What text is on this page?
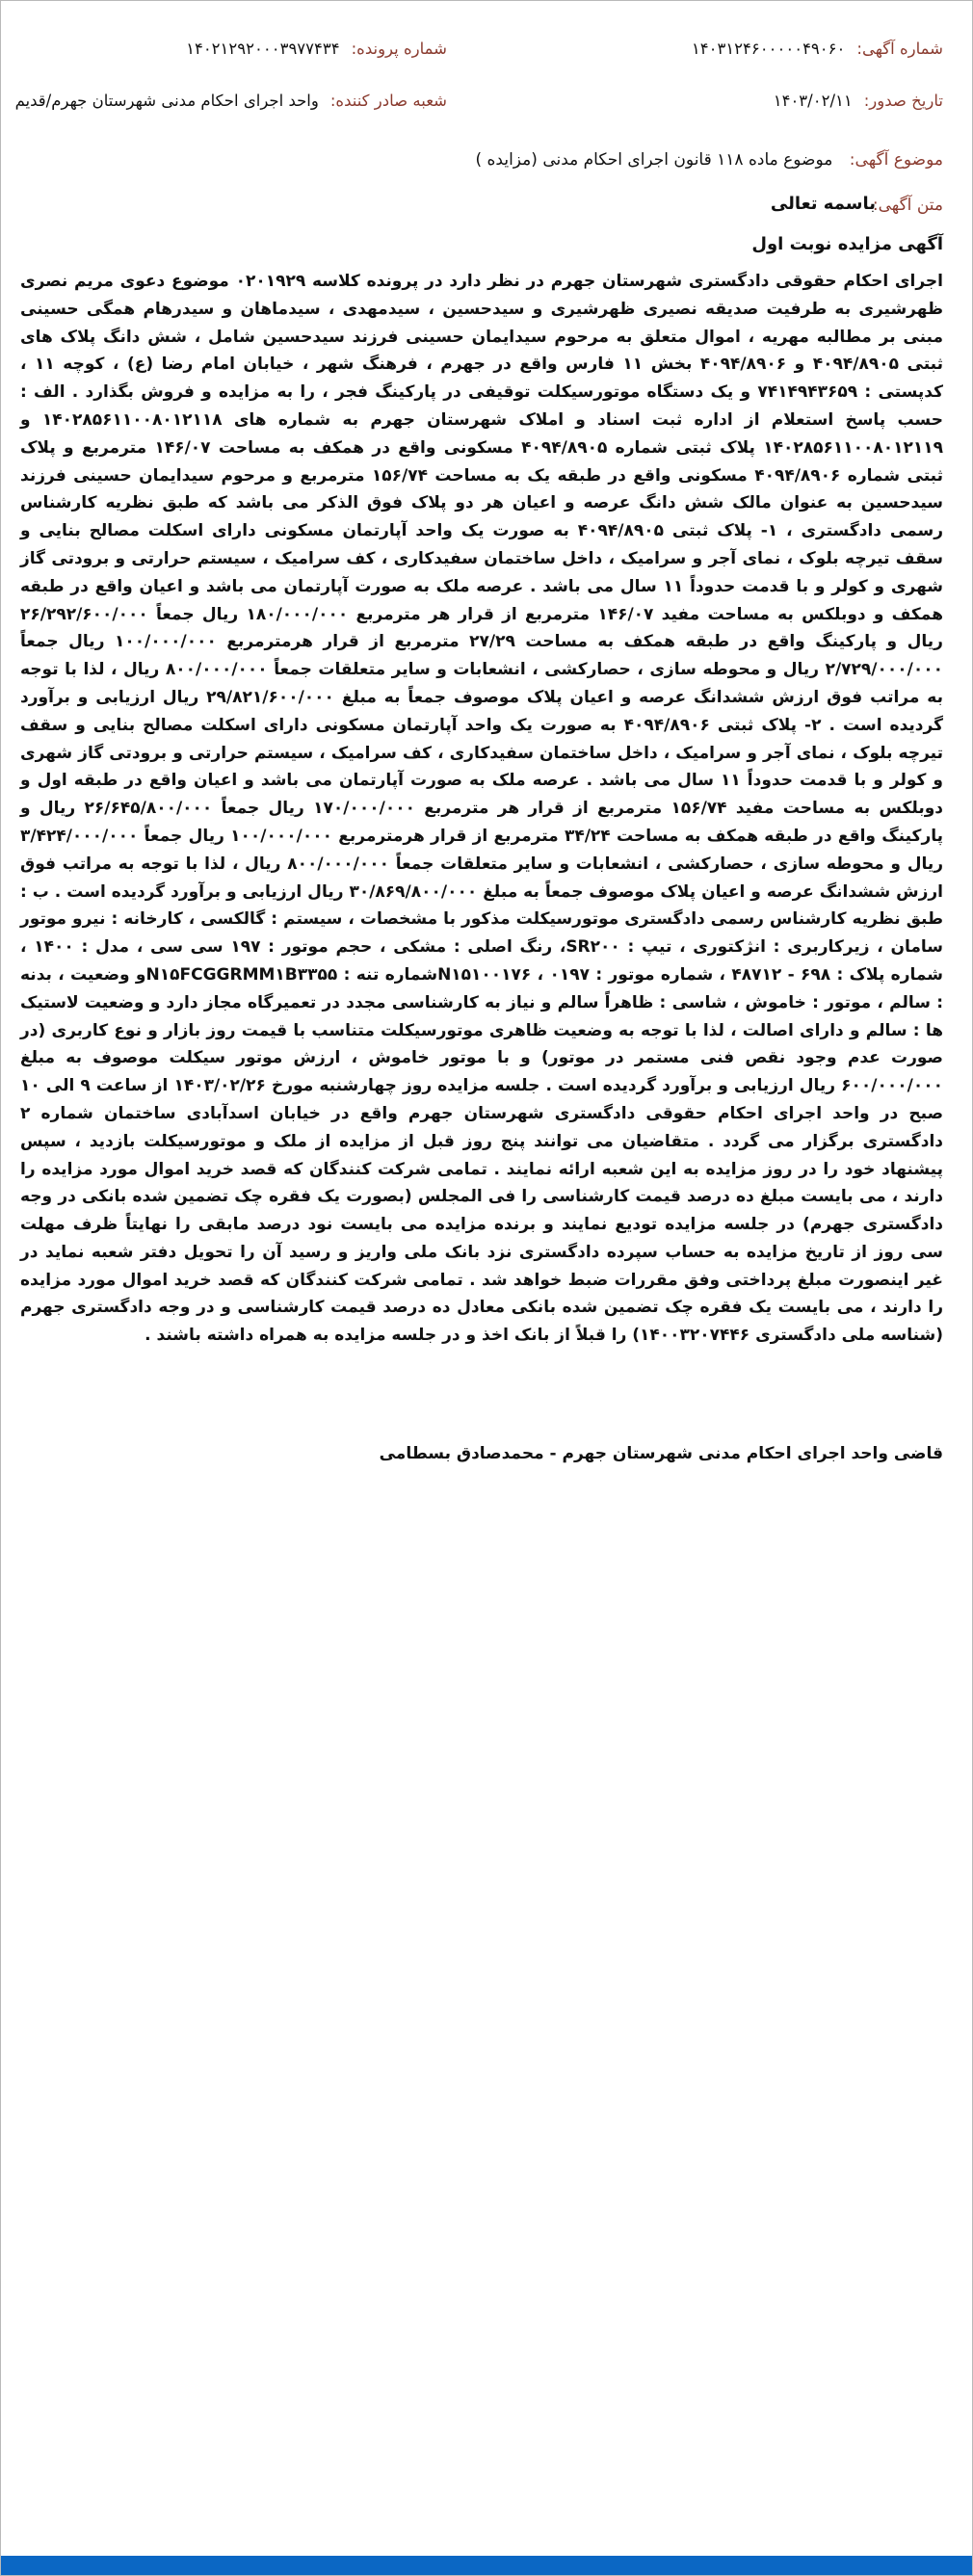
شماره آگهی:
۱۴۰۳۱۲۴۶۰۰۰۰۰۴۹۰۶۰
شماره پرونده:
۱۴۰۲۱۲۹۲۰۰۰۳۹۷۷۴۳۴
تاریخ صدور:
۱۴۰۳/۰۲/۱۱
شعبه صادر کننده:
واحد اجرای احکام مدنی شهرستان جهرم/قدیم
موضوع آگهی: موضوع ماده ۱۱۸ قانون اجرای احکام مدنی (مزایده )
متن آگهی:
باسمه تعالی
آگهی مزایده نوبت اول
اجرای احکام حقوقی دادگستری شهرستان جهرم در نظر دارد در پرونده کلاسه ۰۲۰۱۹۲۹ موضوع دعوی مریم نصری ظهرشیری به طرفیت صدیقه نصیری ظهرشیری و سیدحسین ، سیدمهدی ، سیدماهان و سیدرهام همگی حسینی مبنی بر مطالبه مهریه ، اموال متعلق به مرحوم سیدایمان حسینی فرزند سیدحسین شامل ، شش دانگ پلاک های ثبتی ۴۰۹۴/۸۹۰۵ و ۴۰۹۴/۸۹۰۶ بخش ۱۱ فارس واقع در جهرم ، فرهنگ شهر ، خیابان امام رضا (ع) ، کوچه ۱۱ ، کدپستی : ۷۴۱۴۹۴۳۶۵۹ و یک دستگاه موتورسیکلت توقیفی در پارکینگ فجر ، را به مزایده و فروش بگذارد . الف : حسب پاسخ استعلام از اداره ثبت اسناد و املاک شهرستان جهرم به شماره های ۱۴۰۲۸۵۶۱۱۰۰۸۰۱۲۱۱۸ و ۱۴۰۲۸۵۶۱۱۰۰۸۰۱۲۱۱۹ پلاک ثبتی شماره ۴۰۹۴/۸۹۰۵ مسکونی واقع در همکف به مساحت ۱۴۶/۰۷ مترمربع و پلاک ثبتی شماره ۴۰۹۴/۸۹۰۶ مسکونی واقع در طبقه یک به مساحت ۱۵۶/۷۴ مترمربع و مرحوم سیدایمان حسینی فرزند سیدحسین به عنوان مالک شش دانگ عرصه و اعیان هر دو پلاک فوق الذکر می باشد که طبق نظریه کارشناس رسمی دادگستری ، ۱- پلاک ثبتی ۴۰۹۴/۸۹۰۵ به صورت یک واحد آپارتمان مسکونی دارای اسکلت مصالح بنایی و سقف تیرچه بلوک ، نمای آجر و سرامیک ، داخل ساختمان سفیدکاری ، کف سرامیک ، سیستم حرارتی و برودتی گاز شهری و کولر و با قدمت حدوداً ۱۱ سال می باشد . عرصه ملک به صورت آپارتمان می باشد و اعیان واقع در طبقه همکف و دوبلکس به مساحت مفید ۱۴۶/۰۷ مترمربع از قرار هر مترمربع ۱۸۰/۰۰۰/۰۰۰ ریال جمعاً ۲۶/۲۹۲/۶۰۰/۰۰۰ ریال و پارکینگ واقع در طبقه همکف به مساحت ۲۷/۲۹ مترمربع از قرار هرمترمربع ۱۰۰/۰۰۰/۰۰۰ ریال جمعاً ۲/۷۲۹/۰۰۰/۰۰۰ ریال و محوطه سازی ، حصارکشی ، انشعابات و سایر متعلقات جمعاً ۸۰۰/۰۰۰/۰۰۰ ریال ، لذا با توجه به مراتب فوق ارزش ششدانگ عرصه و اعیان پلاک موصوف جمعاً به مبلغ ۲۹/۸۲۱/۶۰۰/۰۰۰ ریال ارزیابی و برآورد گردیده است . ۲- پلاک ثبتی ۴۰۹۴/۸۹۰۶ به صورت یک واحد آپارتمان مسکونی دارای اسکلت مصالح بنایی و سقف تیرچه بلوک ، نمای آجر و سرامیک ، داخل ساختمان سفیدکاری ، کف سرامیک ، سیستم حرارتی و برودتی گاز شهری و کولر و با قدمت حدوداً ۱۱ سال می باشد . عرصه ملک به صورت آپارتمان می باشد و اعیان واقع در طبقه اول و دوبلکس به مساحت مفید ۱۵۶/۷۴ مترمربع از قرار هر مترمربع ۱۷۰/۰۰۰/۰۰۰ ریال جمعاً ۲۶/۶۴۵/۸۰۰/۰۰۰ ریال و پارکینگ واقع در طبقه همکف به مساحت ۳۴/۲۴ مترمربع از قرار هرمترمربع ۱۰۰/۰۰۰/۰۰۰ ریال جمعاً ۳/۴۲۴/۰۰۰/۰۰۰ ریال و محوطه سازی ، حصارکشی ، انشعابات و سایر متعلقات جمعاً ۸۰۰/۰۰۰/۰۰۰ ریال ، لذا با توجه به مراتب فوق ارزش ششدانگ عرصه و اعیان پلاک موصوف جمعاً به مبلغ ۳۰/۸۶۹/۸۰۰/۰۰۰ ریال ارزیابی و برآورد گردیده است . ب : طبق نظریه کارشناس رسمی دادگستری موتورسیکلت مذکور با مشخصات ، سیستم : گالکسی ، کارخانه : نیرو موتور سامان ، زیرکاربری : انژکتوری ، تیپ : SR۲۰۰، رنگ اصلی : مشکی ، حجم موتور : ۱۹۷ سی سی ، مدل : ۱۴۰۰ ، شماره پلاک : ۶۹۸ - ۴۸۷۱۲ ، شماره موتور : ۰۱۹۷ ، N۱۵۱۰۰۱۷۶شماره تنه : N۱۵FCGGRMM۱B۳۳۵۵و وضعیت ، بدنه : سالم ، موتور : خاموش ، شاسی : ظاهراً سالم و نیاز به کارشناسی مجدد در تعمیرگاه مجاز دارد و وضعیت لاستیک ها : سالم و دارای اصالت ، لذا با توجه به وضعیت ظاهری موتورسیکلت متناسب با قیمت روز بازار و نوع کاربری (در صورت عدم وجود نقص فنی مستمر در موتور) و با موتور خاموش ، ارزش موتور سیکلت موصوف به مبلغ ۶۰۰/۰۰۰/۰۰۰ ریال ارزیابی و برآورد گردیده است . جلسه مزایده روز چهارشنبه مورخ ۱۴۰۳/۰۲/۲۶ از ساعت ۹ الی ۱۰ صبح در واحد اجرای احکام حقوقی دادگستری شهرستان جهرم واقع در خیابان اسدآبادی ساختمان شماره ۲ دادگستری برگزار می گردد . متقاضیان می توانند پنج روز قبل از مزایده از ملک و موتورسیکلت بازدید ، سپس پیشنهاد خود را در روز مزایده به این شعبه ارائه نمایند . تمامی شرکت کنندگان که قصد خرید اموال مورد مزایده را دارند ، می بایست مبلغ ده درصد قیمت کارشناسی را فی المجلس (بصورت یک فقره چک تضمین شده بانکی در وجه دادگستری جهرم) در جلسه مزایده تودیع نمایند و برنده مزایده می بایست نود درصد مابقی را نهایتاً ظرف مهلت سی روز از تاریخ مزایده به حساب سپرده دادگستری نزد بانک ملی واریز و رسید آن را تحویل دفتر شعبه نماید در غیر اینصورت مبلغ پرداختی وفق مقررات ضبط خواهد شد . تمامی شرکت کنندگان که قصد خرید اموال مورد مزایده را دارند ، می بایست یک فقره چک تضمین شده بانکی معادل ده درصد قیمت کارشناسی و در وجه دادگستری جهرم (شناسه ملی دادگستری ۱۴۰۰۳۲۰۷۴۴۶) را قبلاً از بانک اخذ و در جلسه مزایده به همراه داشته باشند .
قاضی واحد اجرای احکام مدنی شهرستان جهرم - محمدصادق بسطامی
